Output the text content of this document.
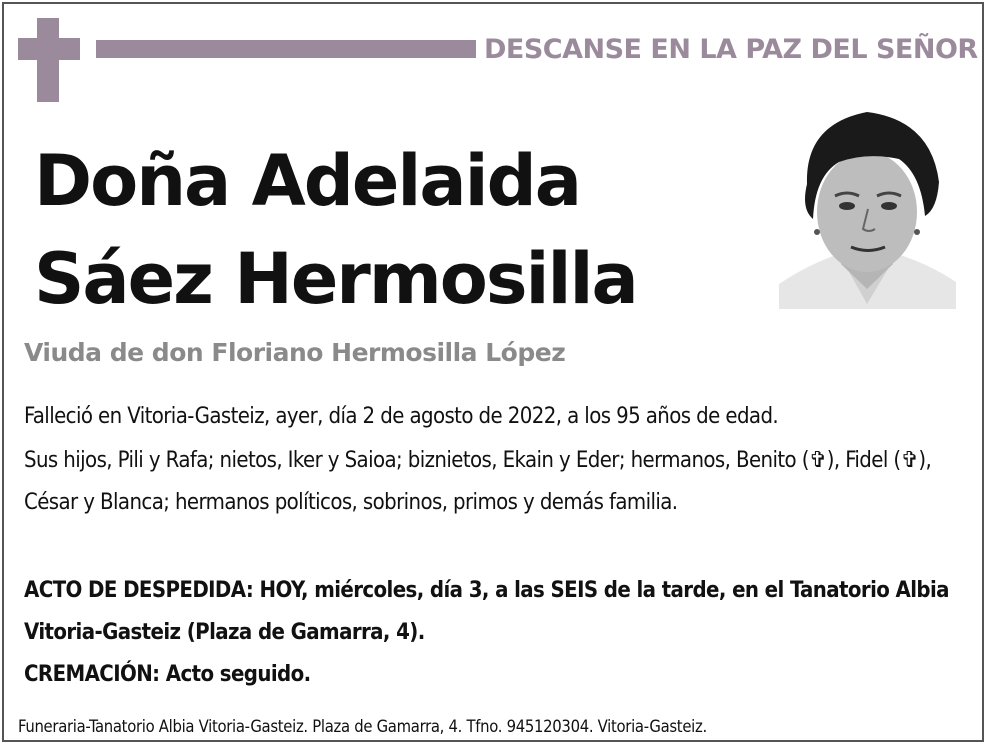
DESCANSE EN LA PAZ DEL SEÑOR
Doña Adelaida
Sáez Hermosilla
Viuda de don Floriano Hermosilla López
Falleció en Vitoria-Gasteiz, ayer, día 2 de agosto de 2022, a los 95 años de edad.
Sus hijos, Pili y Rafa; nietos, Iker y Saioa; biznietos, Ekain y Eder; hermanos, Benito (✞), Fidel (✞), César y Blanca; hermanos políticos, sobrinos, primos y demás familia.
ACTO DE DESPEDIDA: HOY, miércoles, día 3, a las SEIS de la tarde, en el Tanatorio Albia Vitoria-Gasteiz (Plaza de Gamarra, 4).
CREMACIÓN: Acto seguido.
Funeraria-Tanatorio Albia Vitoria-Gasteiz. Plaza de Gamarra, 4. Tfno. 945120304. Vitoria-Gasteiz.
